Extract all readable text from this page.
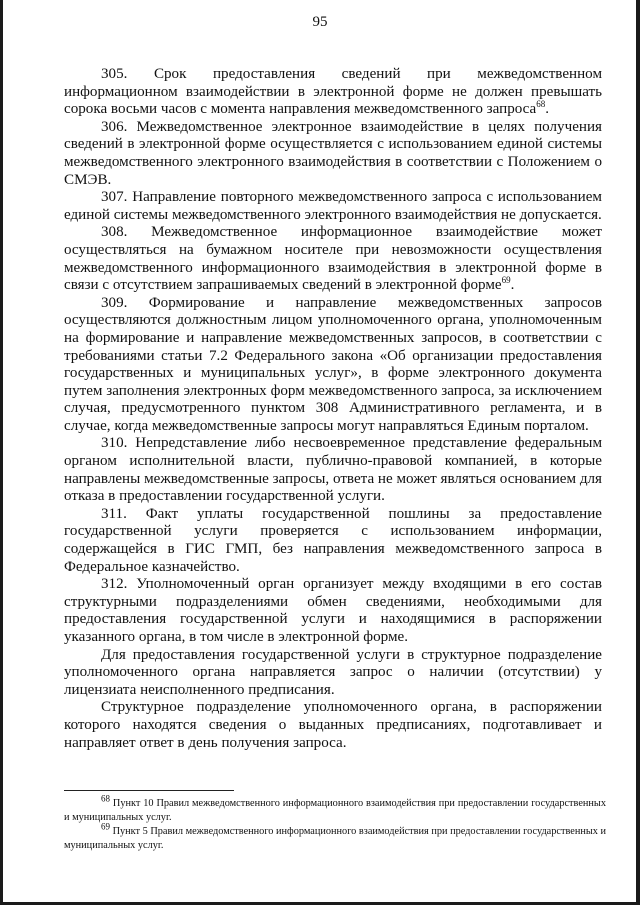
95

305. Срок предоставления сведений при межведомственном информационном взаимодействии в электронной форме не должен превышать сорока восьми часов с момента направления межведомственного запроса$^{68}$.

306. Межведомственное электронное взаимодействие в целях получения сведений в электронной форме осуществляется с использованием единой системы межведомственного электронного взаимодействия в соответствии с Положением о СМЭВ.

307. Направление повторного межведомственного запроса с использованием единой системы межведомственного электронного взаимодействия не допускается.

308. Межведомственное информационное взаимодействие может осуществляться на бумажном носителе при невозможности осуществления межведомственного информационного взаимодействия в электронной форме в связи с отсутствием запрашиваемых сведений в электронной форме$^{69}$.

309. Формирование и направление межведомственных запросов осуществляются должностным лицом уполномоченного органа, уполномоченным на формирование и направление межведомственных запросов, в соответствии с требованиями статьи 7.2 Федерального закона «Об организации предоставления государственных и муниципальных услуг», в форме электронного документа путем заполнения электронных форм межведомственного запроса, за исключением случая, предусмотренного пунктом 308 Административного регламента, и в случае, когда межведомственные запросы могут направляться Единым порталом.

310. Непредставление либо несвоевременное представление федеральным органом исполнительной власти, публично-правовой компанией, в которые направлены межведомственные запросы, ответа не может являться основанием для отказа в предоставлении государственной услуги.

311. Факт уплаты государственной пошлины за предоставление государственной услуги проверяется с использованием информации, содержащейся в ГИС ГМП, без направления межведомственного запроса в Федеральное казначейство.

312. Уполномоченный орган организует между входящими в его состав структурными подразделениями обмен сведениями, необходимыми для предоставления государственной услуги и находящимися в распоряжении указанного органа, в том числе в электронной форме.

Для предоставления государственной услуги в структурное подразделение уполномоченного органа направляется запрос о наличии (отсутствии) у лицензиата неисполненного предписания.

Структурное подразделение уполномоченного органа, в распоряжении которого находятся сведения о выданных предписаниях, подготавливает и направляет ответ в день получения запроса.

$^{68}$ Пункт 10 Правил межведомственного информационного взаимодействия при предоставлении государственных и муниципальных услуг.

$^{69}$ Пункт 5 Правил межведомственного информационного взаимодействия при предоставлении государственных и муниципальных услуг.
